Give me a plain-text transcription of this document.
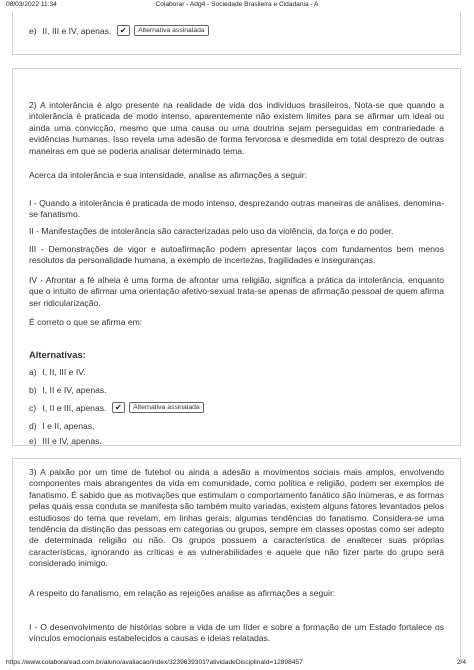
08/03/2022 11:34	Colaborar - Adg4 - Sociedade Brasileira e Cidadania - A
e) II, III e IV, apenas. ✔ Alternativa assinalada

2) A intolerância é algo presente na realidade de vida dos indivíduos brasileiros, Nota-se que quando a intolerância é praticada de modo intenso, aparentemente não existem limites para se afirmar um ideal ou ainda uma convicção, mesmo que uma causa ou uma doutrina sejam perseguidas em contrariedade a evidências humanas. Isso revela uma adesão de forma fervorosa e desmedida em total desprezo de outras maneiras em que se poderia analisar determinado tema.

Acerca da intolerância e sua intensidade, analise as afirmações a seguir:

I - Quando a intolerância é praticada de modo intenso, desprezando outras maneiras de análises, denomina-se fanatismo.

II - Manifestações de intolerância são caracterizadas pelo uso da violência, da força e do poder.

III - Demonstrações de vigor e autoafirmação podem apresentar laços com fundamentos bem menos resolutos da personalidade humana, a exemplo de incertezas, fragilidades e inseguranças.

IV - Afrontar a fé alheia é uma forma de afrontar uma religião, significa a prática da intolerância, enquanto que o intuito de afirmar uma orientação afetivo-sexual trata-se apenas de afirmação pessoal de quem afirma ser ridicularização.

É correto o que se afirma em:

Alternativas:

a) I, II, III e IV.
b) I, II e IV, apenas.
c) I, II e III, apenas. ✔ Alternativa assinalada
d) I e II, apenas.
e) III e IV, apenas.

3) A paixão por um time de futebol ou ainda a adesão a movimentos sociais mais amplos, envolvendo componentes mais abrangentes da vida em comunidade, como política e religião, podem ser exemplos de fanatismo. É sabido que as motivações que estimulam o comportamento fanático são inúmeras, e as formas pelas quais essa conduta se manifesta são também muito variadas, existem alguns fatores levantados pelos estudiosos do tema que revelam, em linhas gerais, algumas tendências do fanatismo. Considera-se uma tendência da distinção das pessoas em categorias ou grupos, sempre em classes opostas como ser adepto de determinada religião ou não. Os grupos possuem a característica de enaltecer suas próprias características, ignorando as críticas e as vulnerabilidades e aquele que não fizer parte do grupo será considerado inimigo.

A respeito do fanatismo, em relação as rejeições analise as afirmações a seguir:

I - O desenvolvimento de histórias sobre a vida de um líder e sobre a formação de um Estado fortalece os vínculos emocionais estabelecidos a causas e ideias relatadas.

https://www.colaboraread.com.br/aluno/avaliacao/index/3239639301?atividadeDisciplinaId=12898457	2/4
